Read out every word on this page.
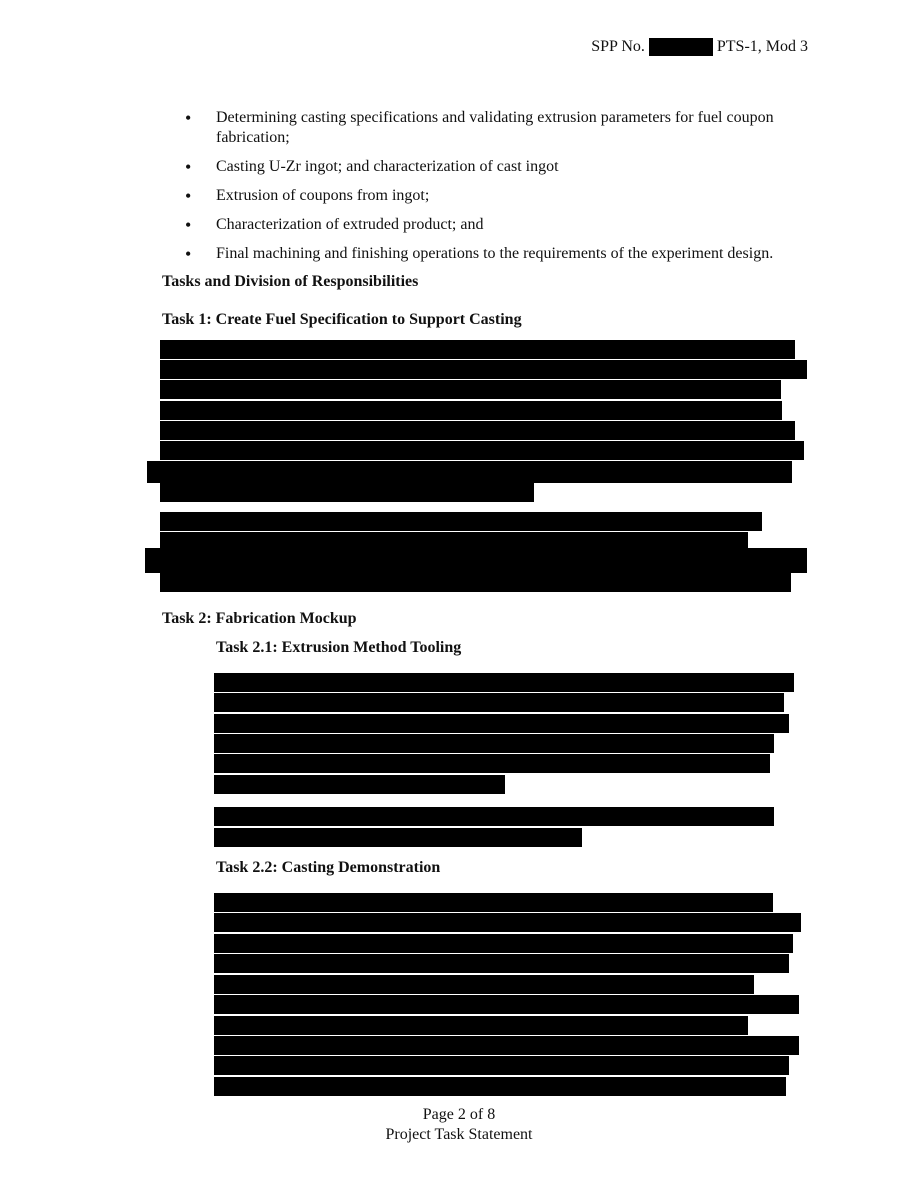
SPP No.	PTS-1, Mod 3
• Determining casting specifications and validating extrusion parameters for fuel coupon fabrication;
• Casting U-Zr ingot; and characterization of cast ingot
• Extrusion of coupons from ingot;
• Characterization of extruded product; and
• Final machining and finishing operations to the requirements of the experiment design.
Tasks and Division of Responsibilities
Task 1: Create Fuel Specification to Support Casting
Task 2: Fabrication Mockup
Task 2.1: Extrusion Method Tooling
Task 2.2: Casting Demonstration
Page 2 of 8
Project Task Statement
